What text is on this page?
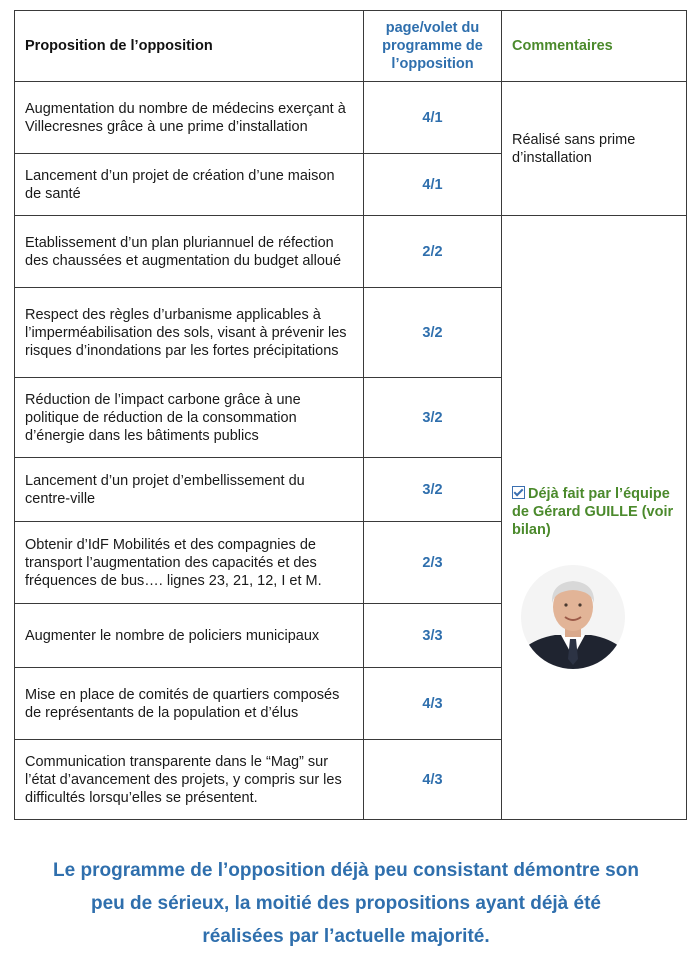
Proposition de l’opposition	page/volet du programme de l’opposition	Commentaires
Augmentation du nombre de médecins exerçant à Villecresnes grâce à une prime d’installation	4/1	Réalisé sans prime d’installation
Lancement d’un projet de création d’une maison de santé	4/1	
Etablissement d’un plan pluriannuel de réfection des chaussées et augmentation du budget alloué	2/2	Déjà fait par l’équipe de Gérard GUILLE (voir bilan)

Respect des règles d’urbanisme applicables à l’imperméabilisation des sols, visant à prévenir les risques d’inondations par les fortes précipitations	3/2	
Réduction de l’impact carbone grâce à une politique de réduction de la consommation d’énergie dans les bâtiments publics	3/2	
Lancement d’un projet d’embellissement du centre-ville	3/2	
Obtenir d’IdF Mobilités et des compagnies de transport l’augmentation des capacités et des fréquences de bus…. lignes 23, 21, 12, I et M.	2/3	
Augmenter le nombre de policiers municipaux	3/3	
Mise en place de comités de quartiers composés de représentants de la population et d’élus	4/3	
Communication transparente dans le “Mag” sur l’état d’avancement des projets, y compris sur les difficultés lorsqu’elles se présentent.	4/3	
Le programme de l’opposition déjà peu consistant démontre son
peu de sérieux, la moitié des propositions ayant déjà été
réalisées par l’actuelle majorité.
